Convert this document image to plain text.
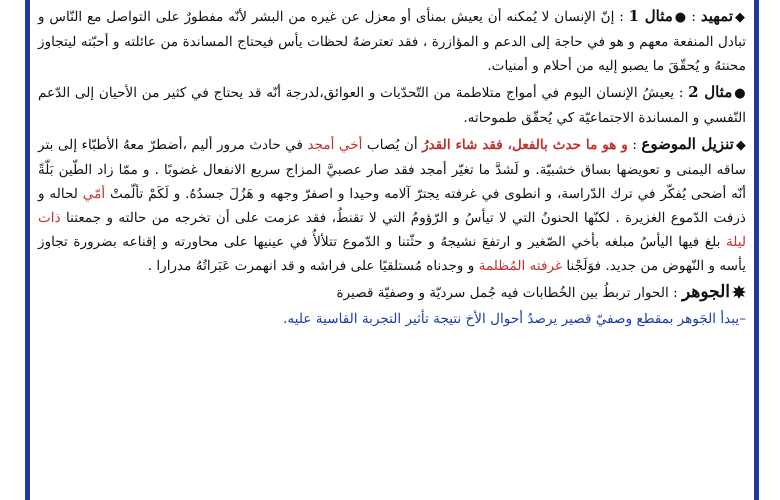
◆تمهيد : ●مثال 1 : إنّ الإنسان لا يُمكنه أن يعيش بمنأى أو معزل عن غيره من البشر لأنّه مفطورٌ على التواصل مع النّاس و تبادل المنفعة معهم و هو في حاجة إلى الدعم و المؤازرة ، فقد تعترضهُ لحظات يأس فيحتاج المساندة من عائلته و أحبّته ليتجاوز محنتهُ و يُحقّقَ ما يصبو إليه من أحلام و أمنيات.

●مثال 2 : يعيشُ الإنسان اليوم في أمواج متلاطمة من التّحدّيات و العوائق،لدرجة أنّه قد يحتاج في كثير من الأحيان إلى الدّعم النّفسي و المساندة الاجتماعيّة كي يُحقّق طموحاته.

◆تنزيل الموضوع : و هو ما حدث بالفعل، فقد شاء القدرُ أن يُصاب أخي أمجد في حادث مرور أليم ،أضطرّ معهُ الأطبّاء إلى بتر ساقه اليمنى و تعويضها بساق خشبيّة. و لَشدَّ ما تغيّر أمجد فقد صار عصبيَّ المزاج سريع الانفعال غضوبًا . و ممّا زاد الطّين بَلّةً أنّه أضحى يُفكّر في ترك الدّراسة، و انطوى في غرفته يجترّ آلامه وحيدا و اصفرّ وجهه و هَزُلَ جسدُهُ. و لَكَمْ تألّمتْ أمّي لحاله و ذرفت الدّموع الغزيرة . لكنّها الحنونُ التي لا تيأسُ و الرّؤومُ التي لا تقنطُ، فقد عزمت على أن تخرجه من حالته و جمعتنا ذات ليلة بلغ فيها اليأسُ مبلغه بأخي الصّغير و ارتفعَ نشيجهُ و حثّتنا و الدّموع تتلألأُ في عينيها على محاورته و إقناعه بضرورة تجاوز يأسه و النّهوض من جديد. فوَلَجْنا غرفته المُظلمة و وجدناه مُستلقيًا على فراشه و قد انهمرت عَبَراتُهُ مدرارا .

الجوهر : الحوار تربطُ بين الخُطابات فيه جُمل سرديّة و وصفيّة قصيرة

–يبدأ الجَوهر بمقطع وصفيّ قصير يرصدُ أحوال الأخ نتيجة تأثير التجربة القاسية عليه.
